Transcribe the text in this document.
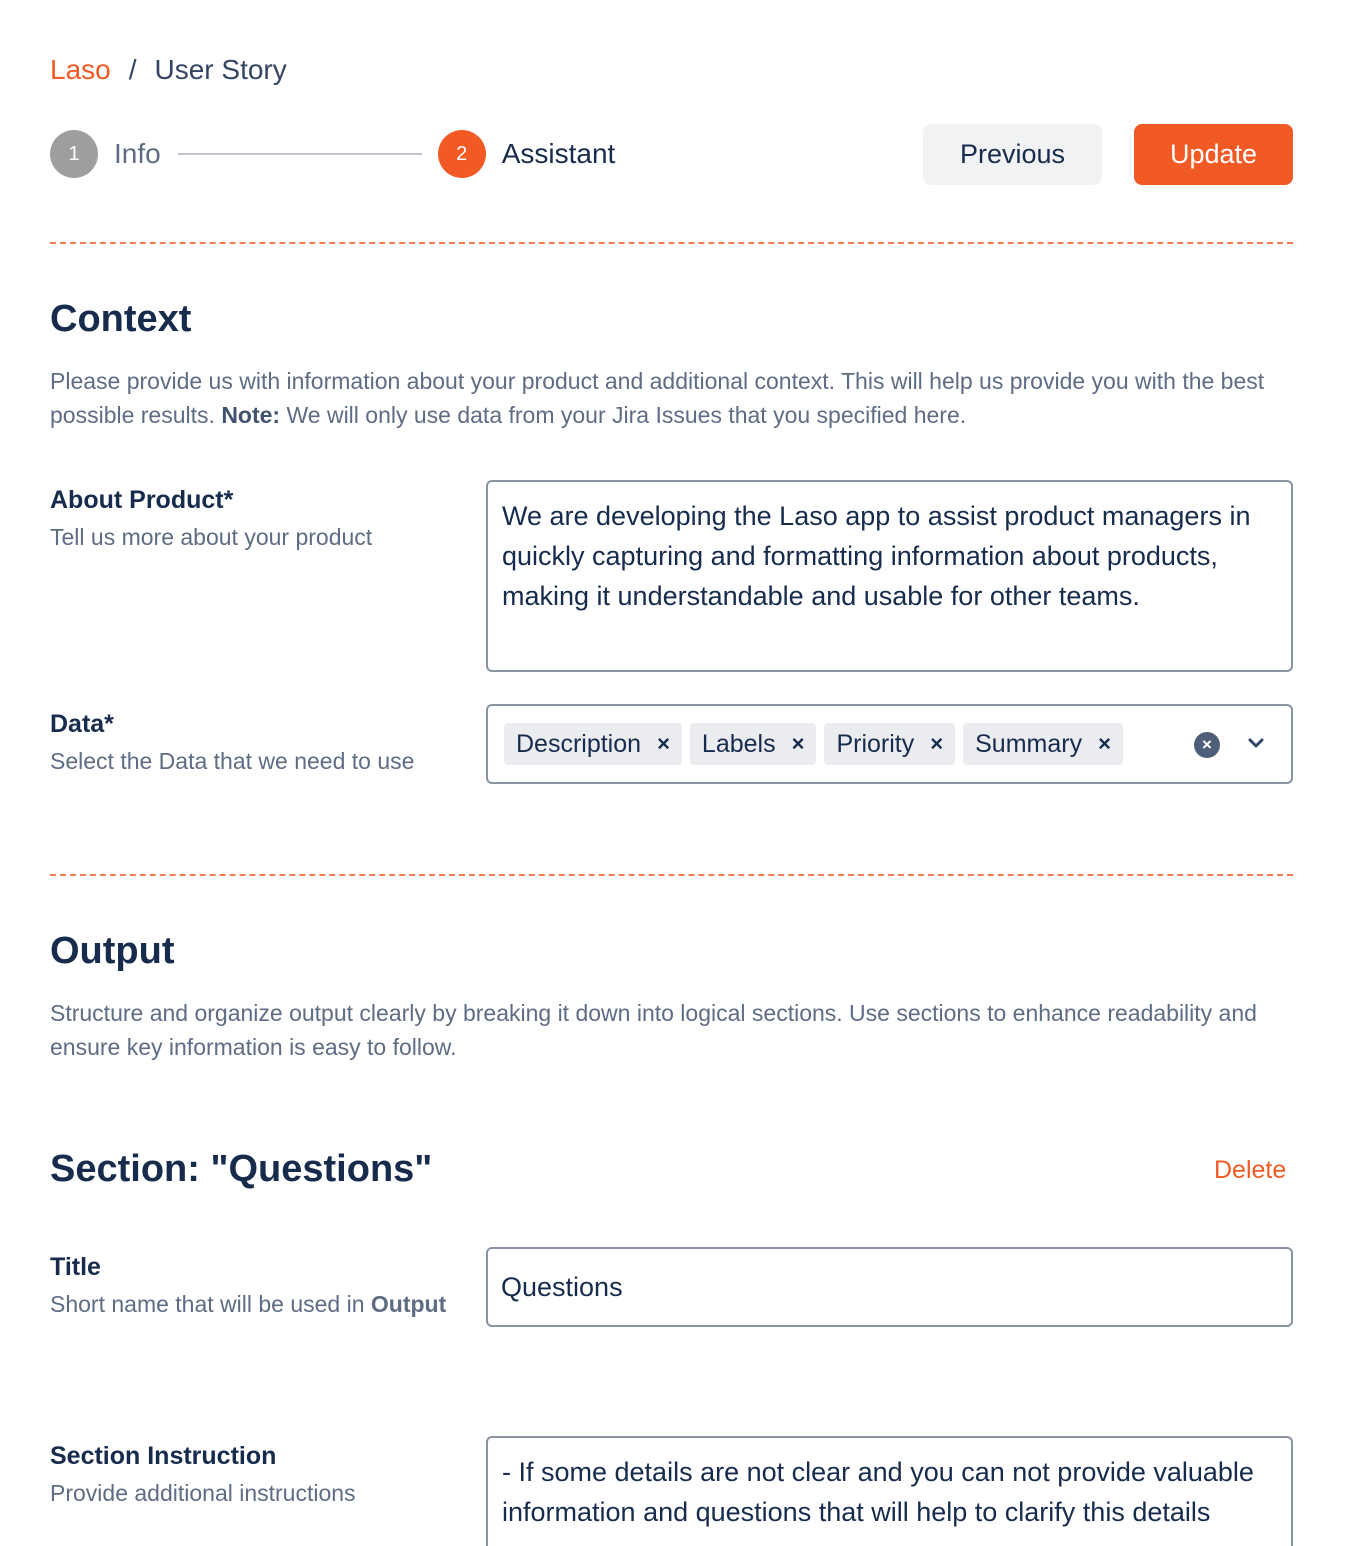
Laso / User Story
1	Info	2	Assistant	Previous	Update
Context
Please provide us with information about your product and additional context. This will help us provide you with the best possible results. Note: We will only use data from your Jira Issues that you specified here.
About Product*
Tell us more about your product
We are developing the Laso app to assist product managers in quickly capturing and formatting information about products, making it understandable and usable for other teams.
Data*
Select the Data that we need to use
Description × Labels × Priority × Summary ×	×
Output
Structure and organize output clearly by breaking it down into logical sections. Use sections to enhance readability and ensure key information is easy to follow.
Section: "Questions"	Delete
Title
Short name that will be used in Output
Questions
Section Instruction
Provide additional instructions
- If some details are not clear and you can not provide valuable information and questions that will help to clarify this details
